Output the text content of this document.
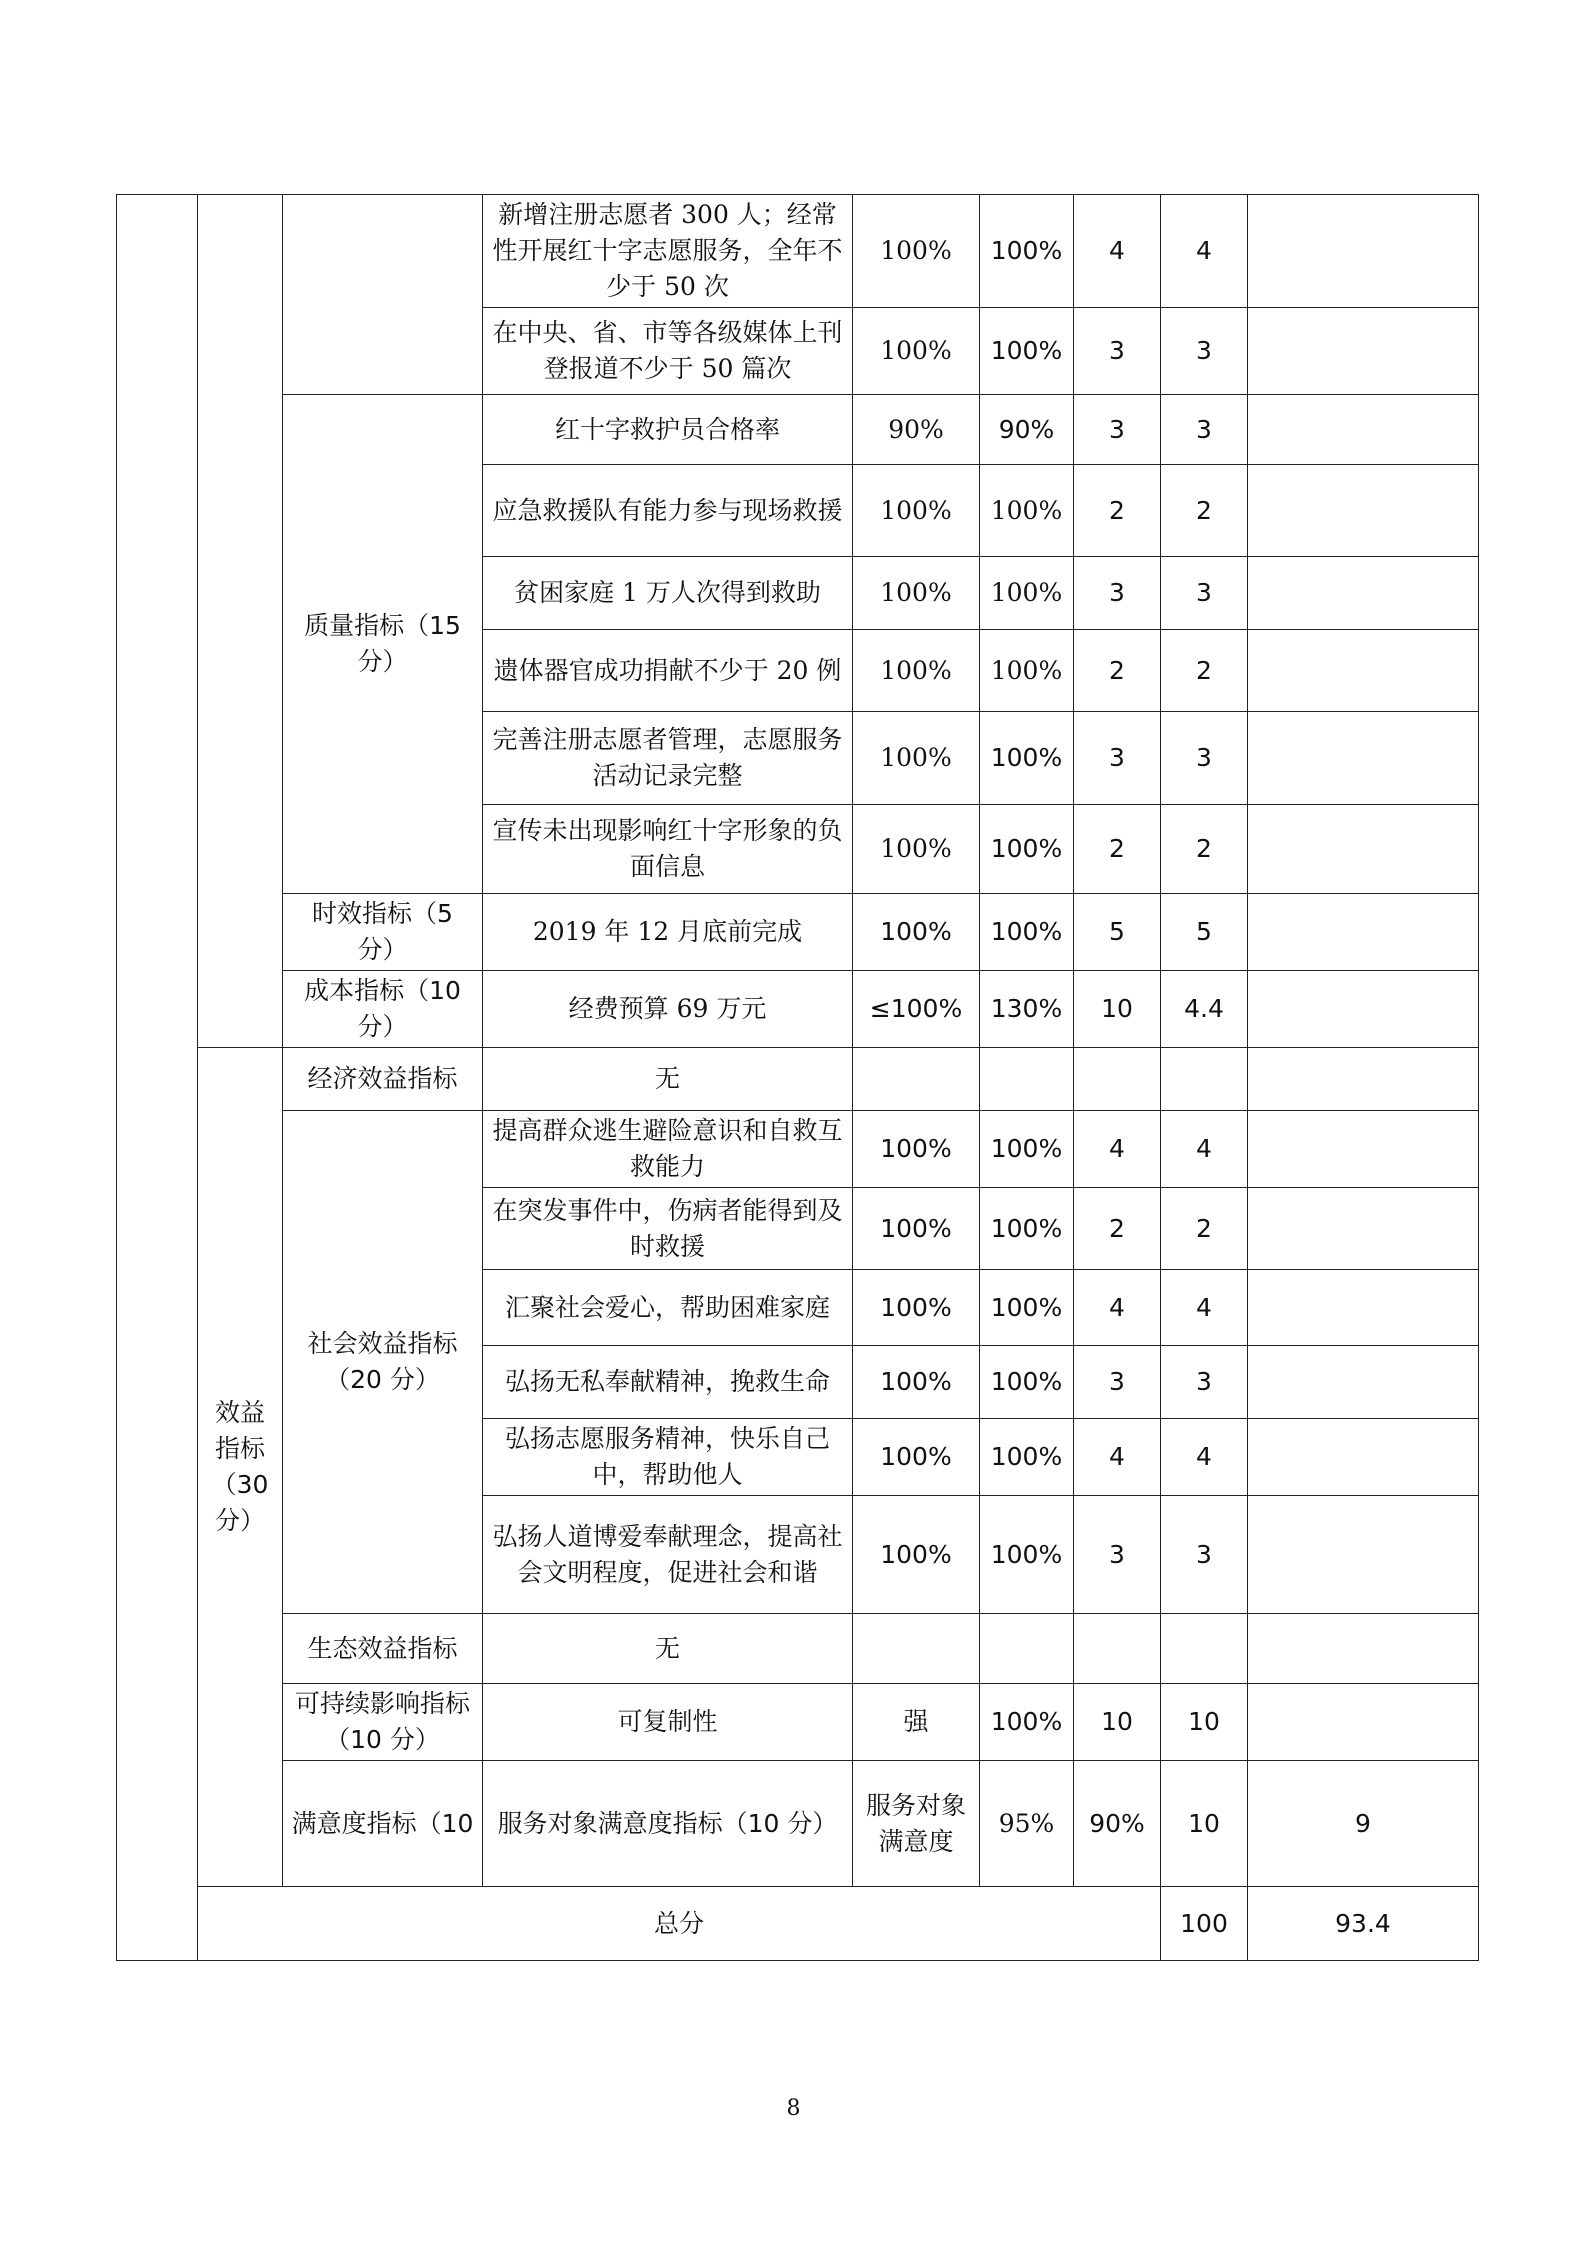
			新增注册志愿者 300 人；经常性开展红十字志愿服务，全年不少于 50 次	100%	100%	4	4		
			在中央、省、市等各级媒体上刊登报道不少于 50 篇次	100%	100%	3	3		
		质量指标（15 分）	红十字救护员合格率	90%	90%	3	3		
			应急救援队有能力参与现场救援	100%	100%	2	2		
			贫困家庭 1 万人次得到救助	100%	100%	3	3		
			遗体器官成功捐献不少于 20 例	100%	100%	2	2		
			完善注册志愿者管理，志愿服务活动记录完整	100%	100%	3	3		
			宣传未出现影响红十字形象的负面信息	100%	100%	2	2		
		时效指标（5 分）	2019 年 12 月底前完成	100%	100%	5	5		
		成本指标（10 分）	经费预算 69 万元	≤100%	130%	10	4.4		
	效益指标（30 分）	经济效益指标	无						
		社会效益指标（20 分）	提高群众逃生避险意识和自救互救能力	100%	100%	4	4		
			在突发事件中，伤病者能得到及时救援	100%	100%	2	2		
			汇聚社会爱心，帮助困难家庭	100%	100%	4	4		
			弘扬无私奉献精神，挽救生命	100%	100%	3	3		
			弘扬志愿服务精神，快乐自己中，帮助他人	100%	100%	4	4		
			弘扬人道博爱奉献理念，提高社会文明程度，促进社会和谐	100%	100%	3	3		
		生态效益指标	无						
		可持续影响指标（10 分）	可复制性	强	100%	10	10		
		满意度指标（10	服务对象满意度指标（10 分）	服务对象满意度	95%	90%	10	9	
	总分						100	93.4	
8
